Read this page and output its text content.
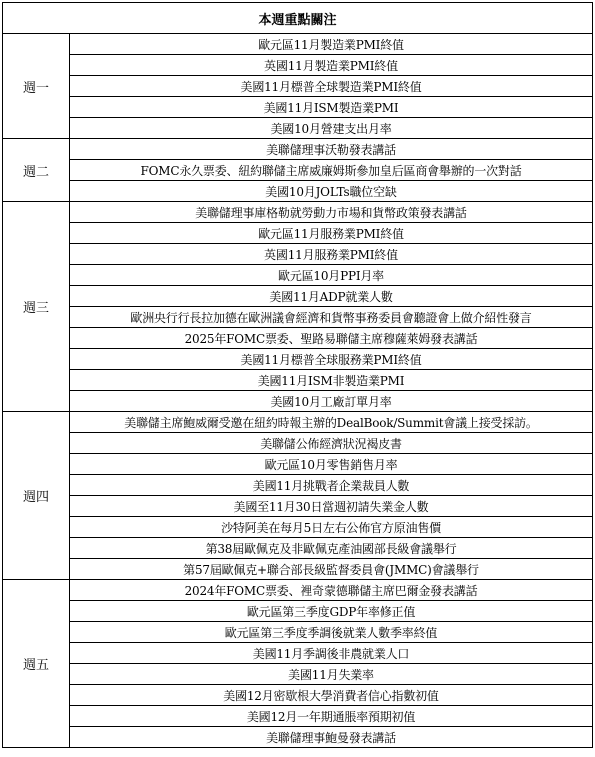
本週重點關注	
週一	歐元區11月製造業PMI終值
	英國11月製造業PMI終值
	美國11月標普全球製造業PMI終值
	美國11月ISM製造業PMI
	美國10月營建支出月率
週二	美聯儲理事沃勒發表講話
	FOMC永久票委、紐約聯儲主席威廉姆斯參加皇后區商會舉辦的一次對話
	美國10月JOLTs職位空缺
週三	美聯儲理事庫格勒就勞動力市場和貨幣政策發表講話
	歐元區11月服務業PMI終值
	英國11月服務業PMI終值
	歐元區10月PPI月率
	美國11月ADP就業人數
	歐洲央行行長拉加德在歐洲議會經濟和貨幣事務委員會聽證會上做介紹性發言
	2025年FOMC票委、聖路易聯儲主席穆薩萊姆發表講話
	美國11月標普全球服務業PMI終值
	美國11月ISM非製造業PMI
	美國10月工廠訂單月率
週四	美聯儲主席鮑威爾受邀在紐約時報主辦的DealBook/Summit會議上接受採訪。
	美聯儲公佈經濟狀況褐皮書
	歐元區10月零售銷售月率
	美國11月挑戰者企業裁員人數
	美國至11月30日當週初請失業金人數
	沙特阿美在每月5日左右公佈官方原油售價
	第38屆歐佩克及非歐佩克產油國部長級會議舉行
	第57屆歐佩克+聯合部長級監督委員會(JMMC)會議舉行
週五	2024年FOMC票委、裡奇蒙德聯儲主席巴爾金發表講話
	歐元區第三季度GDP年率修正值
	歐元區第三季度季調後就業人數季率終值
	美國11月季調後非農就業人口
	美國11月失業率
	美國12月密歇根大學消費者信心指數初值
	美國12月一年期通脹率預期初值
	美聯儲理事鮑曼發表講話
